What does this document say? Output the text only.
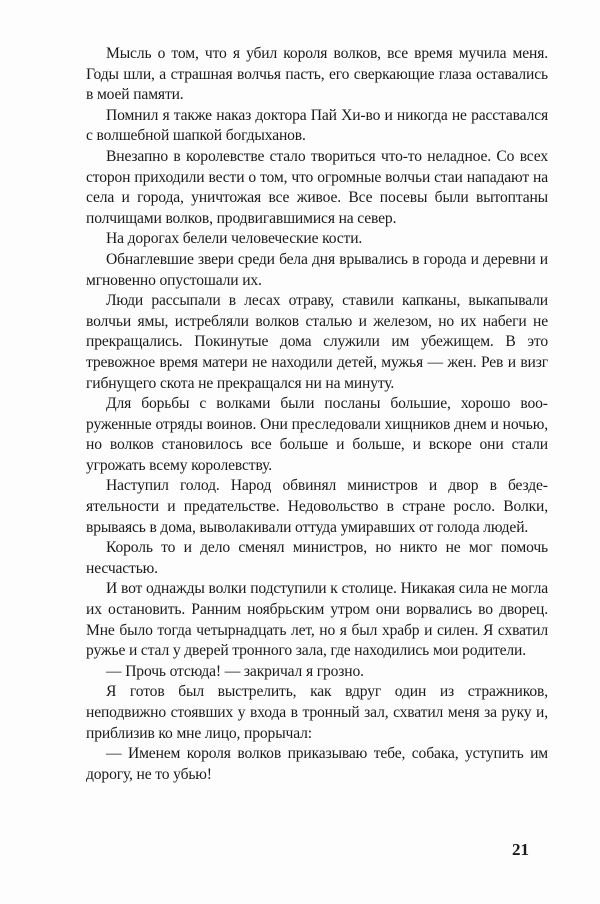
Мысль о том, что я убил короля волков, все время мучила меня. Годы шли, а страшная волчья пасть, его сверкающие глаза оставались в моей памяти.

Помнил я также наказ доктора Пай Хи-во и никогда не расставался с волшебной шапкой богдыханов.

Внезапно в королевстве стало твориться что-то неладное. Со всех сторон приходили вести о том, что огромные волчьи стаи нападают на села и города, уничтожая все живое. Все посевы были вытоптаны полчищами волков, продвигавшимися на север.

На дорогах белели человеческие кости.

Обнаглевшие звери среди бела дня врывались в города и деревни и мгновенно опустошали их.

Люди рассыпали в лесах отраву, ставили капканы, выкапывали волчьи ямы, истребляли волков сталью и железом, но их набеги не прекращались. Покинутые дома служили им убежищем. В это тревожное время матери не находили детей, мужья — жен. Рев и визг гибнущего скота не прекращался ни на минуту.

Для борьбы с волками были посланы большие, хорошо вооруженные отряды воинов. Они преследовали хищников днем и ночью, но волков становилось все больше и больше, и вскоре они стали угрожать всему королевству.

Наступил голод. Народ обвинял министров и двор в бездеятельности и предательстве. Недовольство в стране росло. Волки, врываясь в дома, выволакивали оттуда умиравших от голода людей.

Король то и дело сменял министров, но никто не мог помочь несчастью.

И вот однажды волки подступили к столице. Никакая сила не могла их остановить. Ранним ноябрьским утром они ворвались во дворец. Мне было тогда четырнадцать лет, но я был храбр и силен. Я схватил ружье и стал у дверей тронного зала, где находились мои родители.

— Прочь отсюда! — закричал я грозно.

Я готов был выстрелить, как вдруг один из стражников, неподвижно стоявших у входа в тронный зал, схватил меня за руку и, приблизив ко мне лицо, прорычал:

— Именем короля волков приказываю тебе, собака, уступить им дорогу, не то убью!

21
